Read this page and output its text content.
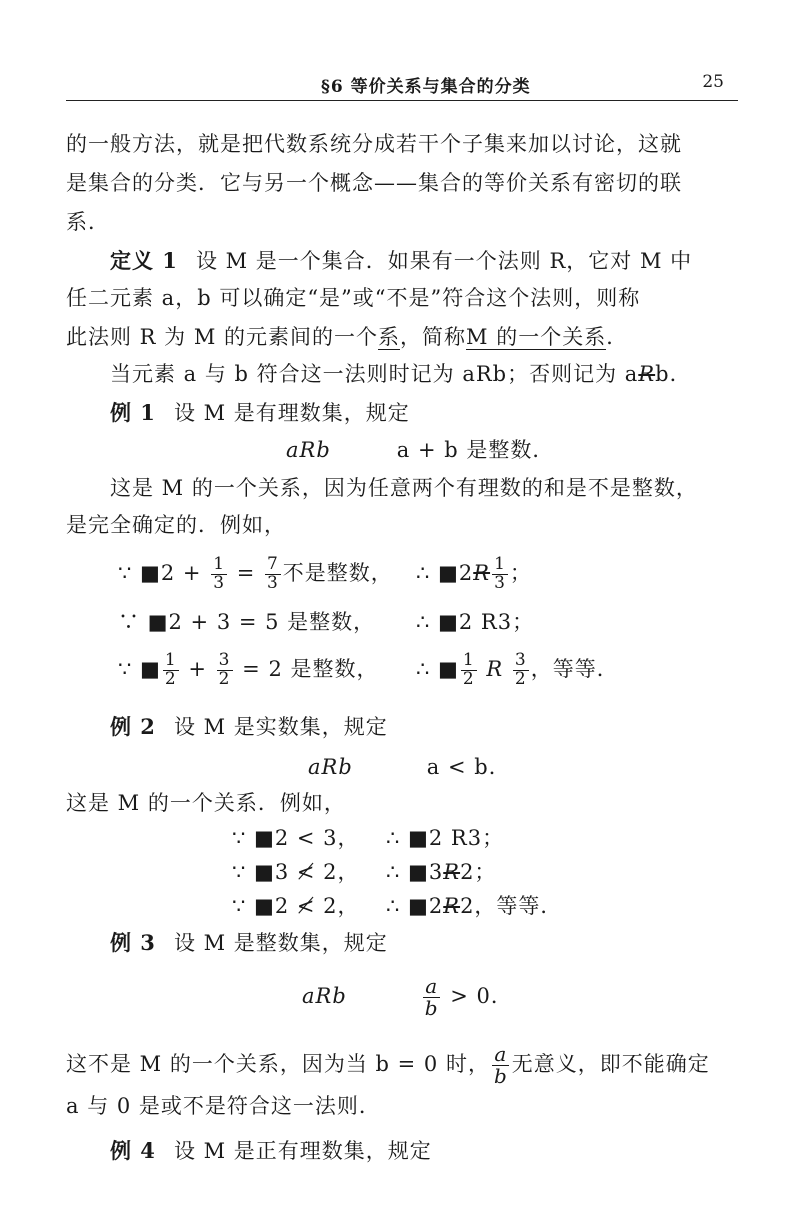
§6 等价关系与集合的分类	25
的一般方法，就是把代数系统分成若干个子集来加以讨论，这就
是集合的分类．它与另一个概念——集合的等价关系有密切的联
系．
定义 1 设 M 是一个集合．如果有一个法则 R，它对 M 中
任二元素 a，b 可以确定“是”或“不是”符合这个法则，则称
此法则 R 为 M 的元素间的一个系，简称M 的一个关系．
当元素 a 与 b 符合这一法则时记为 aRb；否则记为 aRb．
例 1 设 M 是有理数集，规定
aRb	a + b 是整数．
这是 M 的一个关系，因为任意两个有理数的和是不是整数，
是完全确定的．例如，
∵ ■2 + $\frac{1}{3} = \frac{7}{3}$ 不是整数， ∴ ■2R $\frac{1}{3}$ ；
∵ ■2 + 3 = 5 是整数， ∴ ■2 R3；
∵ ■ $\frac{1}{2} + \frac{3}{2} = 2$ 是整数， ∴ ■ $\frac{1}{2}$ R $\frac{3}{2}$ ，等等．
例 2 设 M 是实数集，规定
aRb	a < b．
这是 M 的一个关系．例如，
∵ ■2 < 3， ∴ ■2 R3；
∵ ■3 ≮ 2， ∴ ■3R2；
∵ ■2 ≮ 2， ∴ ■2R2，等等．
例 3 设 M 是整数集，规定
aRb	$\frac{a}{b} > 0$．
这不是 M 的一个关系，因为当 b = 0 时， $\frac{a}{b}$ 无意义，即不能确定
a 与 0 是或不是符合这一法则．
例 4 设 M 是正有理数集，规定
